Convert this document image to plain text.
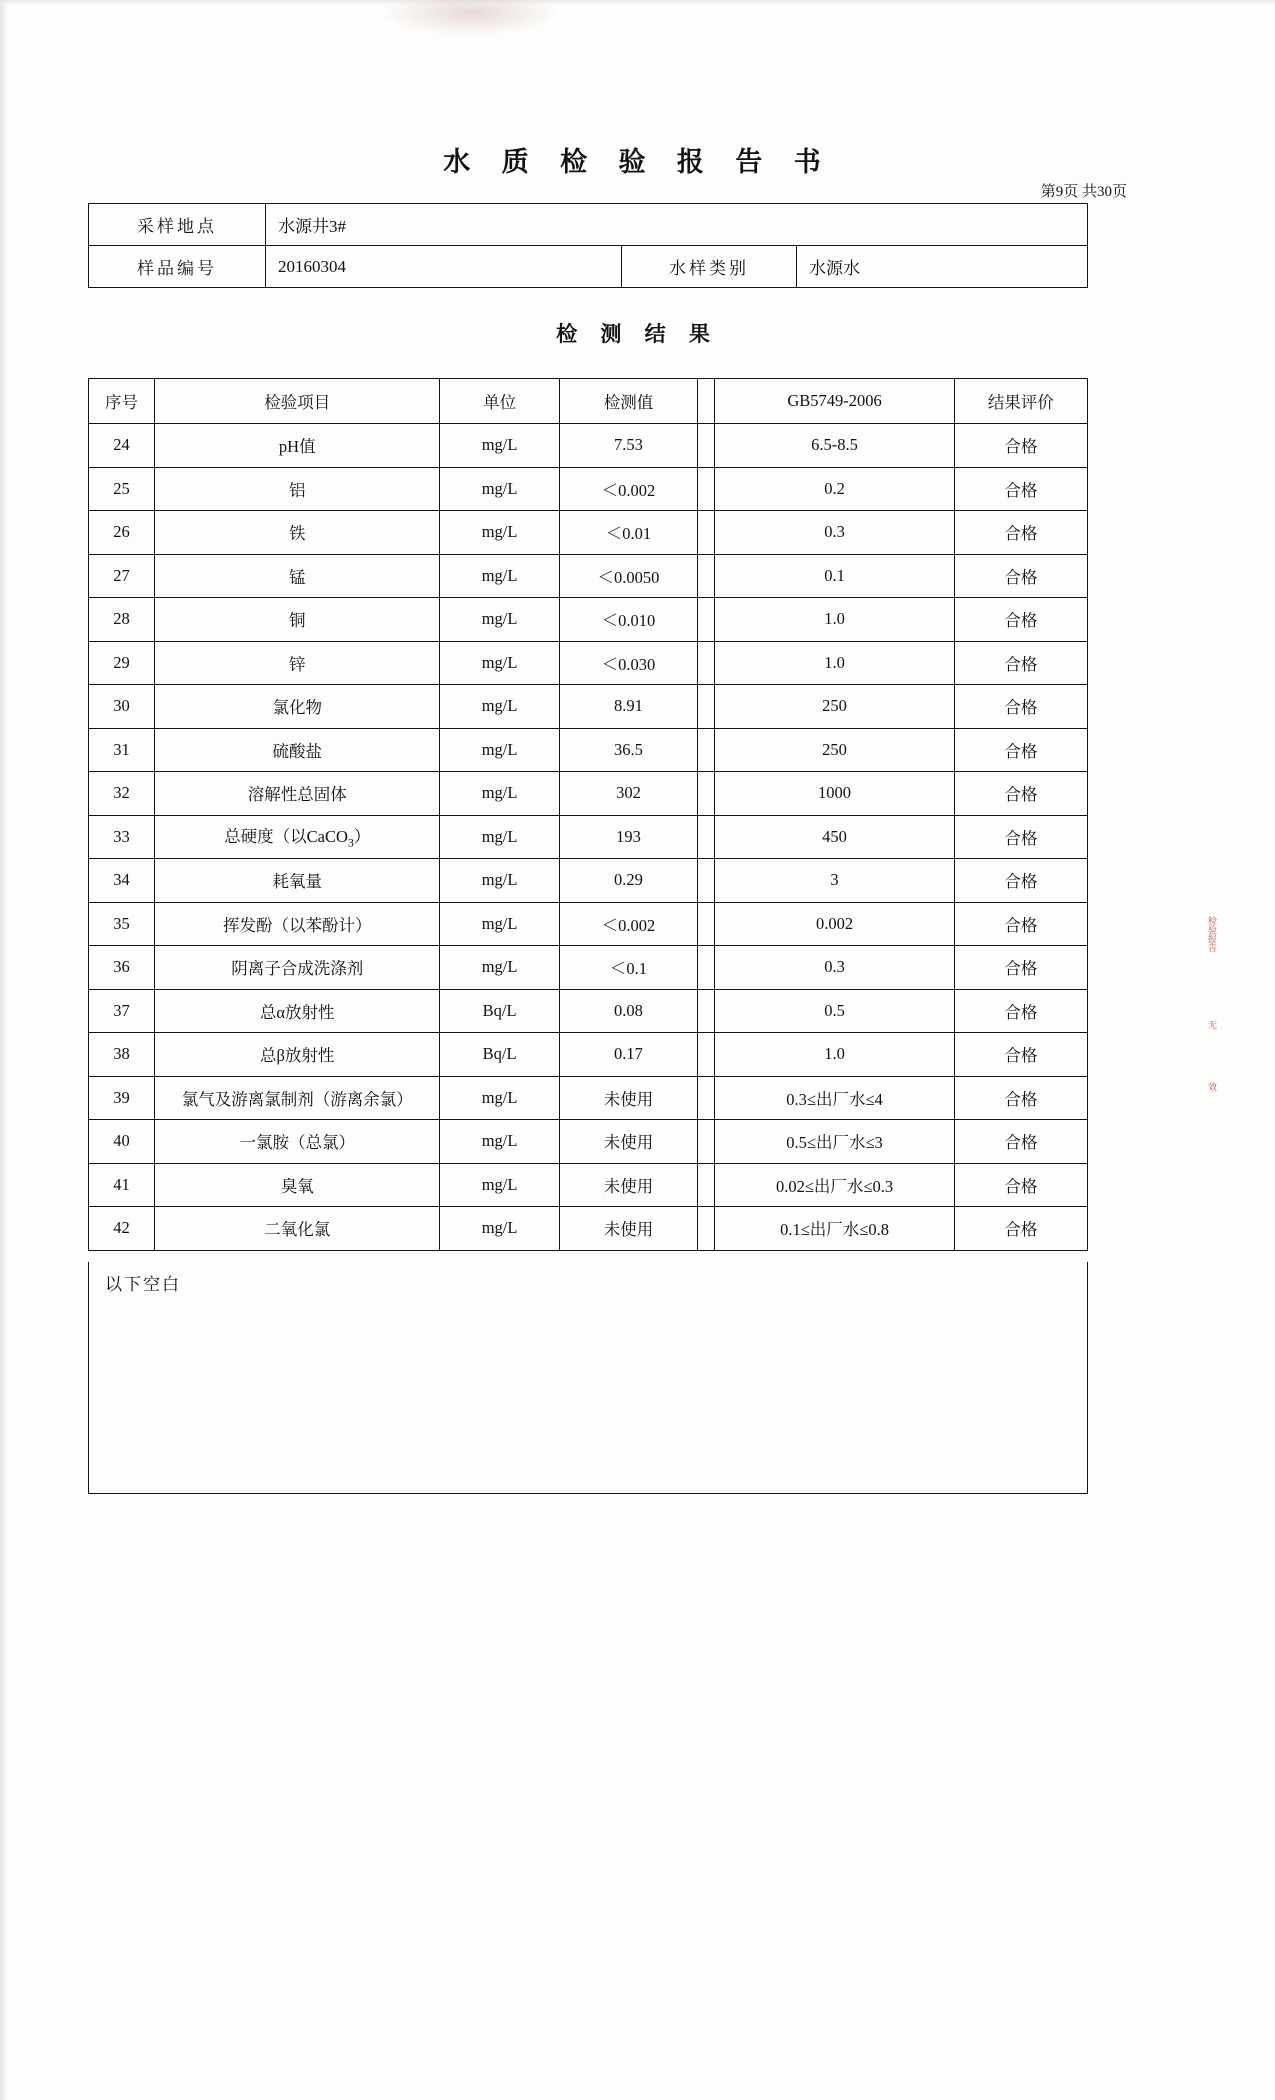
水 质 检 验 报 告 书
第9页 共30页
采样地点	水源井3#		
样品编号	20160304	水样类别	水源水
检 测 结 果
序号	检验项目	单位	检测值		GB5749-2006	结果评价
24	pH值	mg/L	7.53		6.5-8.5	合格
25	铝	mg/L	＜0.002		0.2	合格
26	铁	mg/L	＜0.01		0.3	合格
27	锰	mg/L	＜0.0050		0.1	合格
28	铜	mg/L	＜0.010		1.0	合格
29	锌	mg/L	＜0.030		1.0	合格
30	氯化物	mg/L	8.91		250	合格
31	硫酸盐	mg/L	36.5		250	合格
32	溶解性总固体	mg/L	302		1000	合格
33	总硬度（以CaCO$_3$）	mg/L	193		450	合格
34	耗氧量	mg/L	0.29		3	合格
35	挥发酚（以苯酚计）	mg/L	＜0.002		0.002	合格
36	阴离子合成洗涤剂	mg/L	＜0.1		0.3	合格
37	总α放射性	Bq/L	0.08		0.5	合格
38	总β放射性	Bq/L	0.17		1.0	合格
39	氯气及游离氯制剂（游离余氯）	mg/L	未使用		0.3≤出厂水≤4	合格
40	一氯胺（总氯）	mg/L	未使用		0.5≤出厂水≤3	合格
41	臭氧	mg/L	未使用		0.02≤出厂水≤0.3	合格
42	二氧化氯	mg/L	未使用		0.1≤出厂水≤0.8	合格
以下空白
检验报告
无
效
